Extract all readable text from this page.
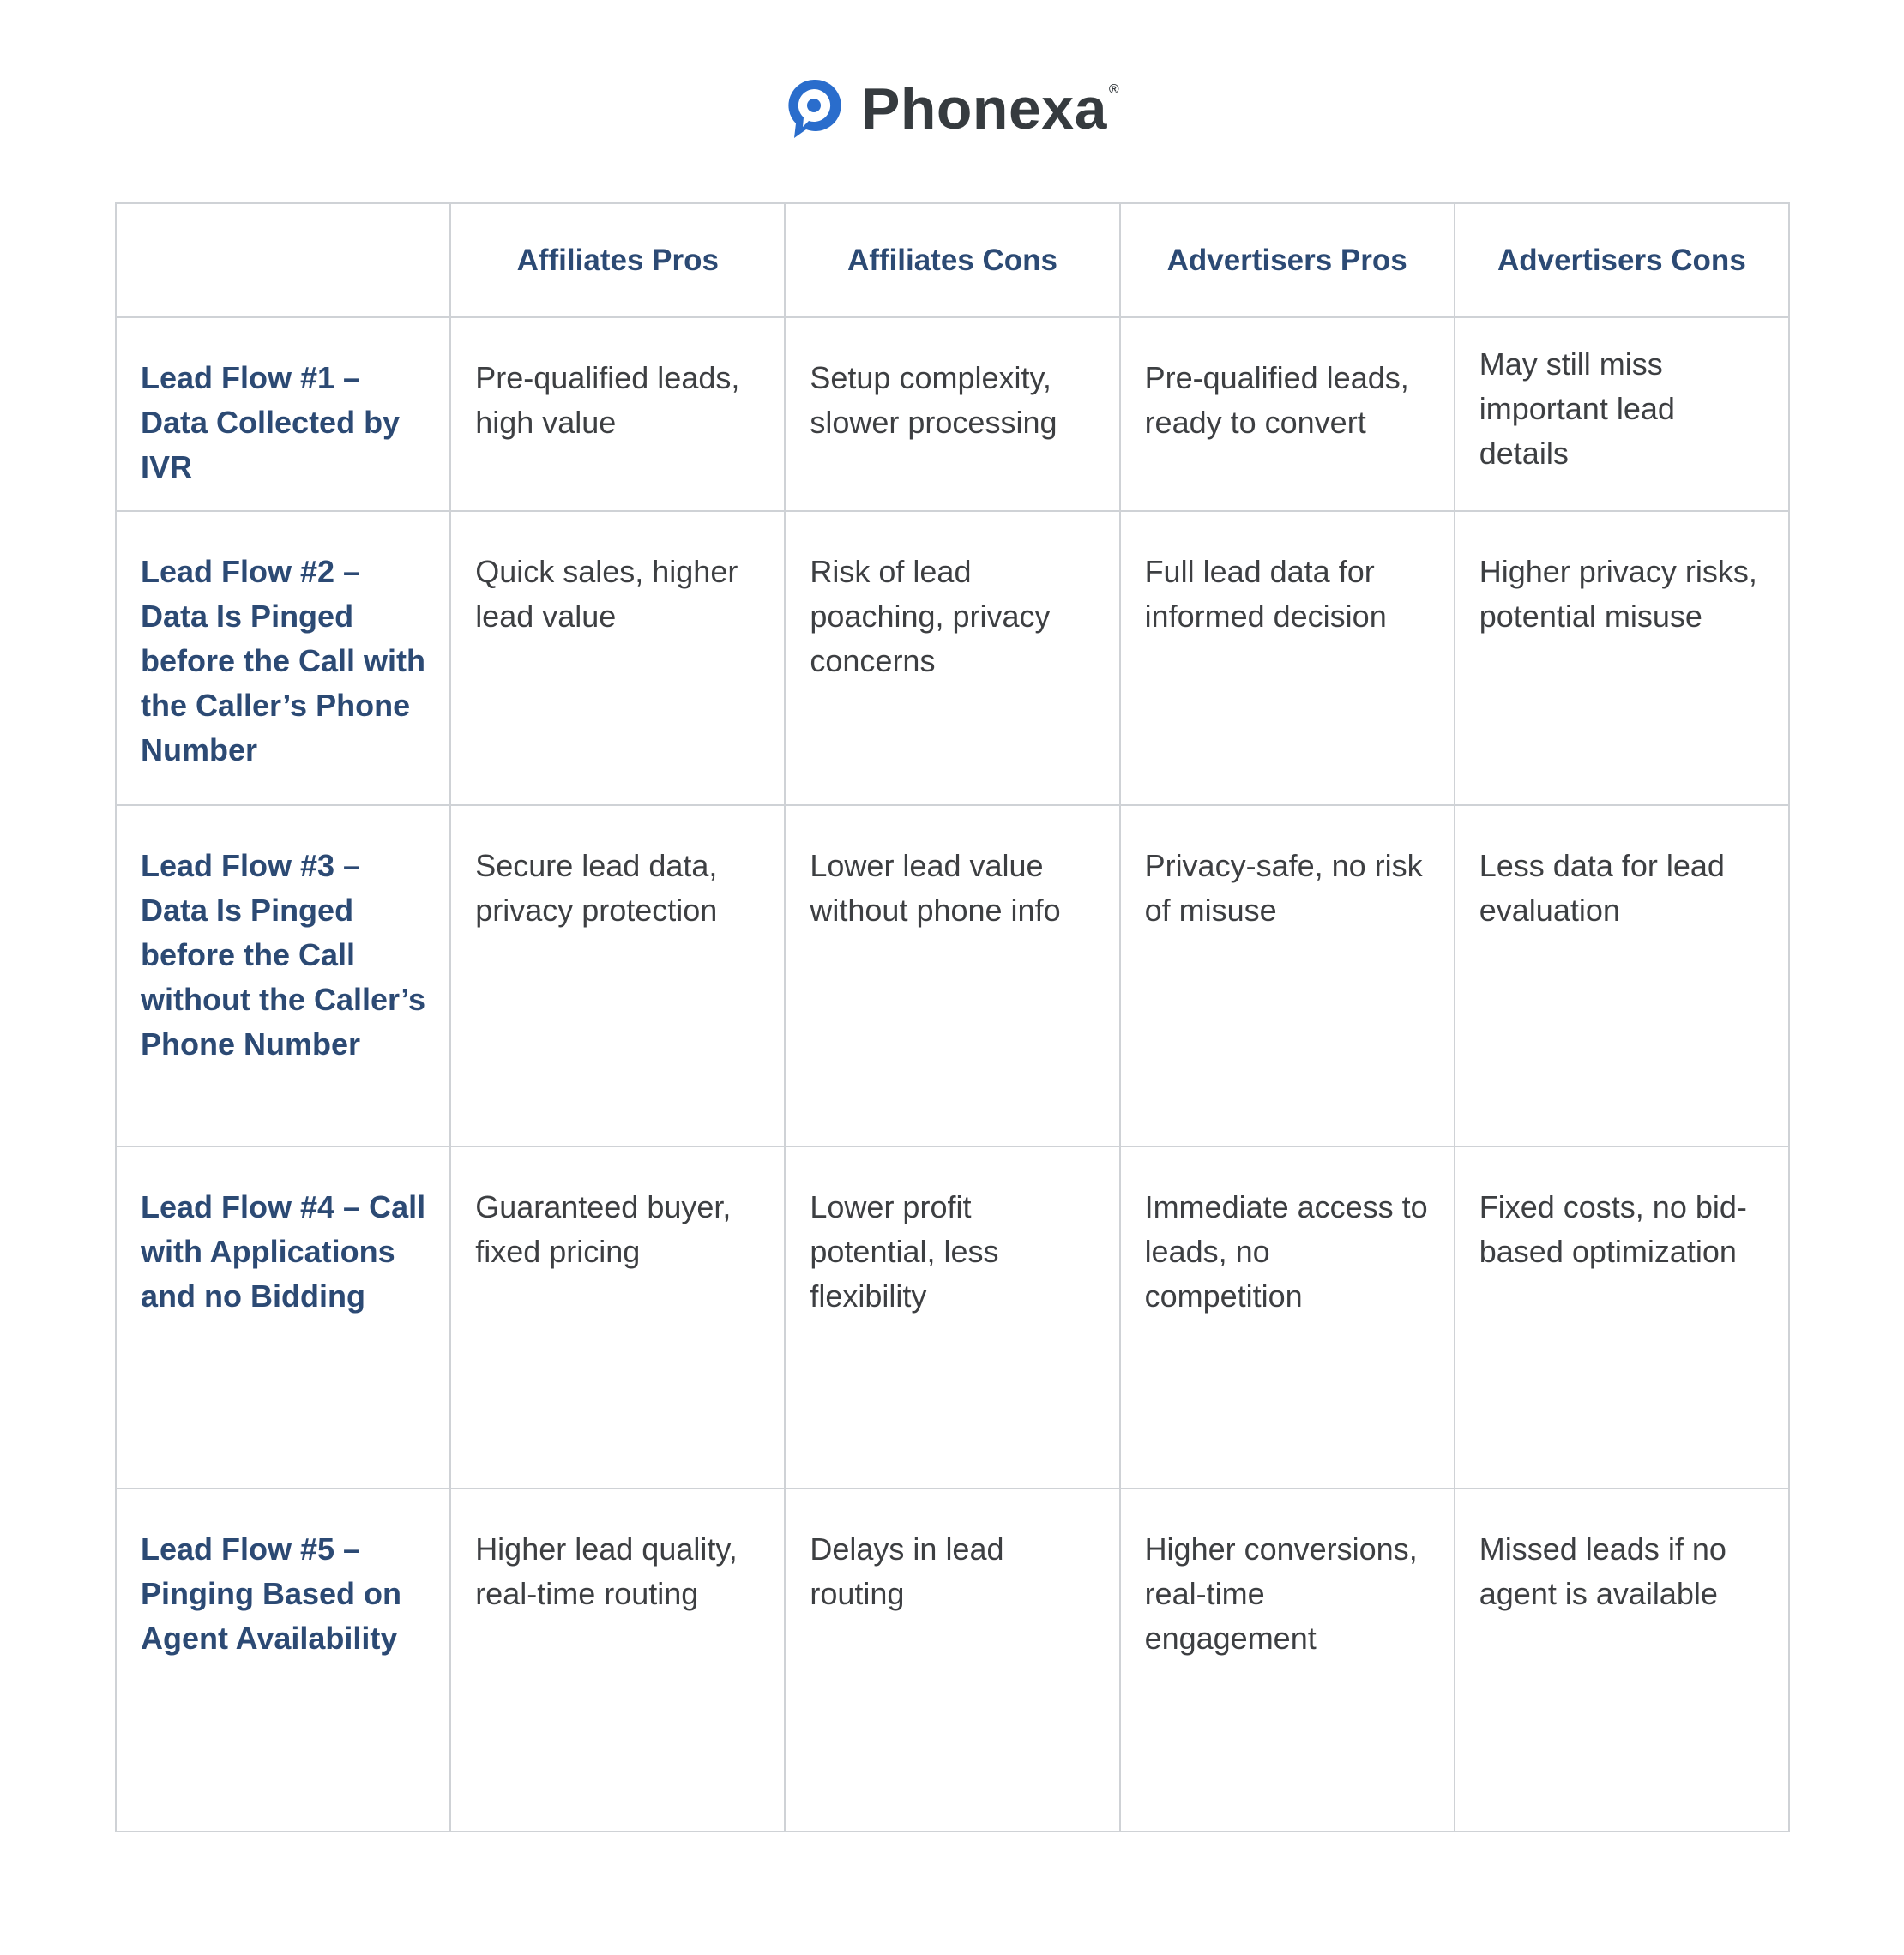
Phonexa ®
	Affiliates Pros	Affiliates Cons	Advertisers Pros	Advertisers Cons
Lead Flow #1 – Data Collected by IVR	Pre-qualified leads, high value	Setup complexity, slower processing	Pre-qualified leads, ready to convert	May still miss important lead details
Lead Flow #2 – Data Is Pinged before the Call with the Caller’s Phone Number	Quick sales, higher lead value	Risk of lead poaching, privacy concerns	Full lead data for informed decision	Higher privacy risks, potential misuse
Lead Flow #3 – Data Is Pinged before the Call without the Caller’s Phone Number	Secure lead data, privacy protection	Lower lead value without phone info	Privacy-safe, no risk of misuse	Less data for lead evaluation
Lead Flow #4 – Call with Applications and no Bidding	Guaranteed buyer, fixed pricing	Lower profit potential, less flexibility	Immediate access to leads, no competition	Fixed costs, no bid-based optimization
Lead Flow #5 – Pinging Based on Agent Availability	Higher lead quality, real-time routing	Delays in lead routing	Higher conversions, real-time engagement	Missed leads if no agent is available
